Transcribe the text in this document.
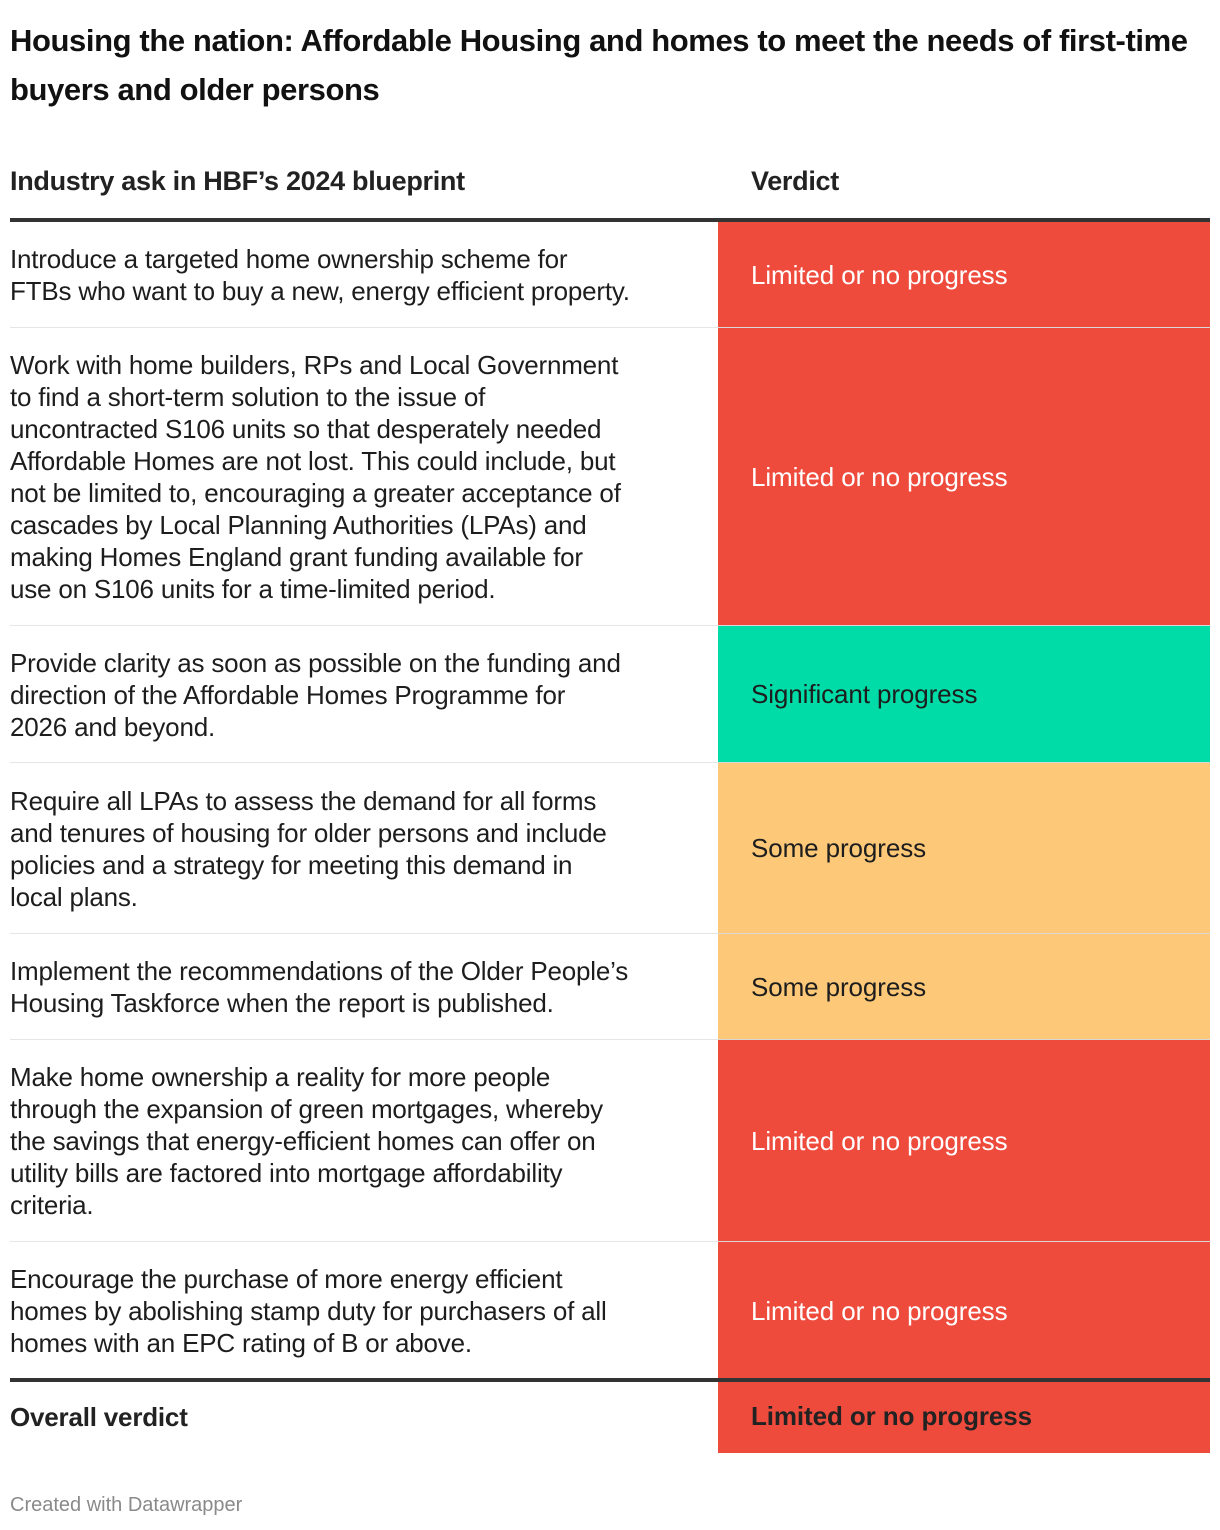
Housing the nation: Affordable Housing and homes to meet the needs of first-time buyers and older persons
Industry ask in HBF’s 2024 blueprint	Verdict
Introduce a targeted home ownership scheme for
FTBs who want to buy a new, energy efficient property.
Limited or no progress
Work with home builders, RPs and Local Government
to find a short-term solution to the issue of
uncontracted S106 units so that desperately needed
Affordable Homes are not lost. This could include, but
not be limited to, encouraging a greater acceptance of
cascades by Local Planning Authorities (LPAs) and
making Homes England grant funding available for
use on S106 units for a time-limited period.
Limited or no progress
Provide clarity as soon as possible on the funding and
direction of the Affordable Homes Programme for
2026 and beyond.
Significant progress
Require all LPAs to assess the demand for all forms
and tenures of housing for older persons and include
policies and a strategy for meeting this demand in
local plans.
Some progress
Implement the recommendations of the Older People’s
Housing Taskforce when the report is published.
Some progress
Make home ownership a reality for more people
through the expansion of green mortgages, whereby
the savings that energy-efficient homes can offer on
utility bills are factored into mortgage affordability
criteria.
Limited or no progress
Encourage the purchase of more energy efficient
homes by abolishing stamp duty for purchasers of all
homes with an EPC rating of B or above.
Limited or no progress
Overall verdict	Limited or no progress
Created with Datawrapper
